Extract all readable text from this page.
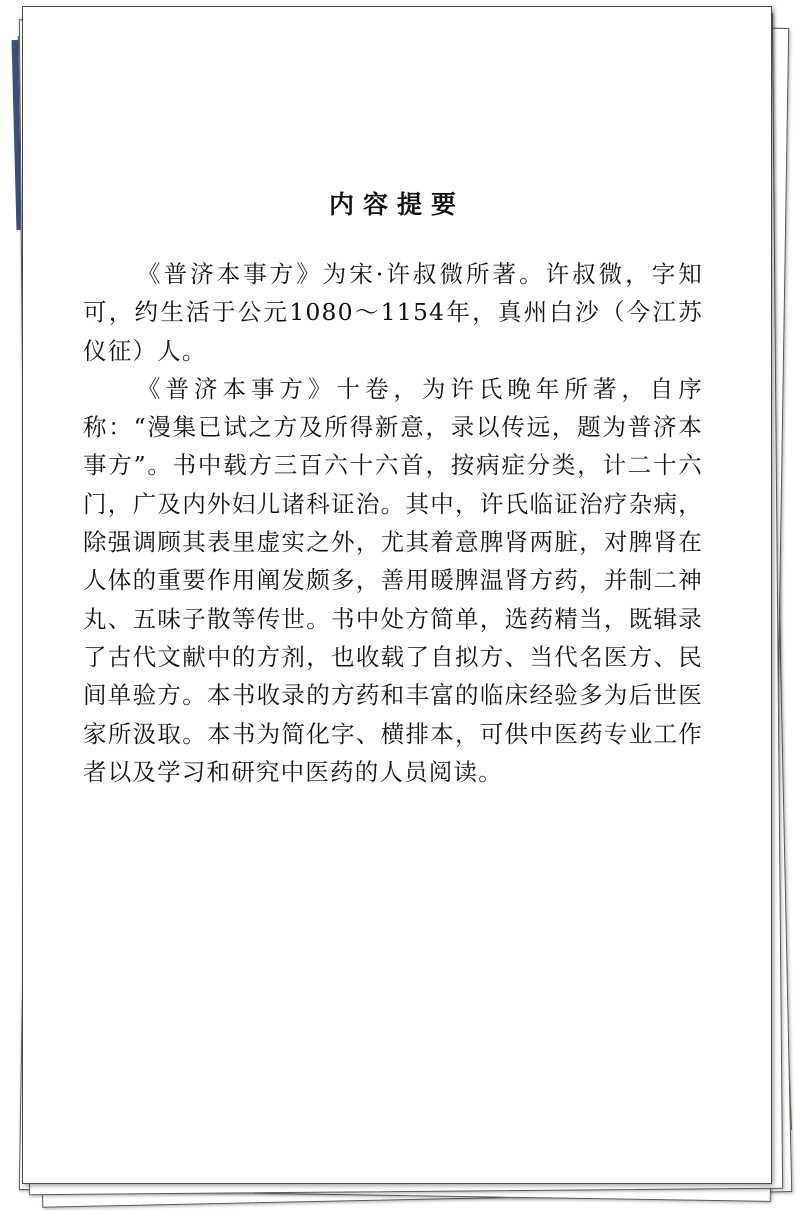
内容提要

《普济本事方》为宋·许叔微所著。许叔微，字知可，约生活于公元1080～1154年，真州白沙（今江苏仪征）人。

《普济本事方》十卷，为许氏晚年所著，自序称：“漫集已试之方及所得新意，录以传远，题为普济本事方”。书中载方三百六十六首，按病症分类，计二十六门，广及内外妇儿诸科证治。其中，许氏临证治疗杂病，除强调顾其表里虚实之外，尤其着意脾肾两脏，对脾肾在人体的重要作用阐发颇多，善用暖脾温肾方药，并制二神丸、五味子散等传世。书中处方简单，选药精当，既辑录了古代文献中的方剂，也收载了自拟方、当代名医方、民间单验方。本书收录的方药和丰富的临床经验多为后世医家所汲取。本书为简化字、横排本，可供中医药专业工作者以及学习和研究中医药的人员阅读。
